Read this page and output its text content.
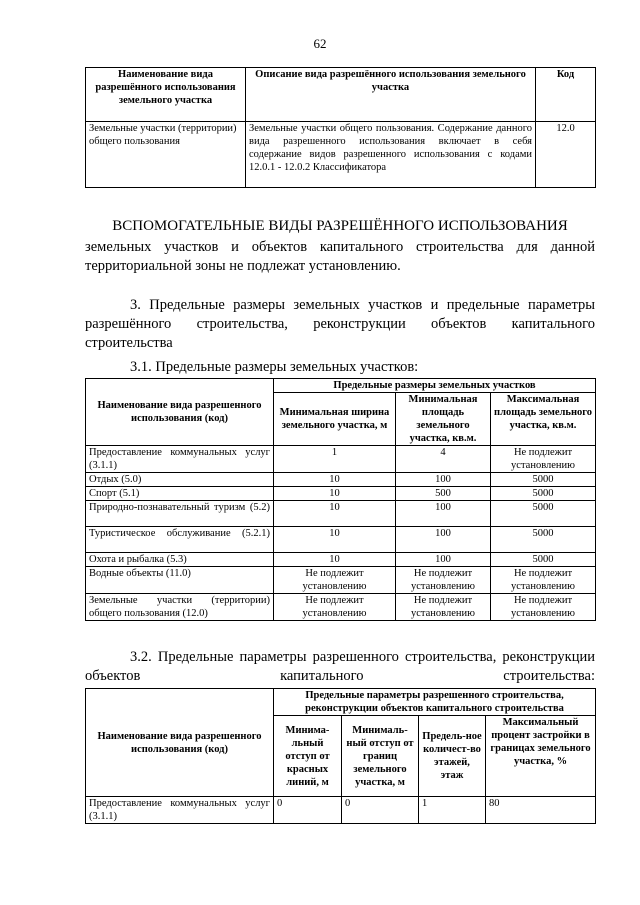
62
Наименование вида разрешённого использования земельного участка	Описание вида разрешённого использования земельного участка	Код
Земельные участки (территории) общего пользования	Земельные участки общего пользования. Содержание данного вида разрешенного использования включает в себя содержание видов разрешенного использования с кодами 12.0.1 - 12.0.2 Классификатора	12.0
ВСПОМОГАТЕЛЬНЫЕ ВИДЫ РАЗРЕШЁННОГО ИСПОЛЬЗОВАНИЯ
земельных участков и объектов капитального строительства для данной территориальной зоны не подлежат установлению.
3. Предельные размеры земельных участков и предельные параметры разрешённого строительства, реконструкции объектов капитального строительства
3.1. Предельные размеры земельных участков:
Наименование вида разрешенного использования (код)	Предельные размеры земельных участков		
	Минимальная ширина земельного участка, м	Минимальная площадь земельного участка, кв.м.	Максимальная площадь земельного участка, кв.м.
Предоставление коммунальных услуг (3.1.1)	1	4	Не подлежит установлению
Отдых (5.0)	10	100	5000
Спорт (5.1)	10	500	5000
Природно-познавательный туризм (5.2)	10	100	5000
Туристическое обслуживание (5.2.1)	10	100	5000
Охота и рыбалка (5.3)	10	100	5000
Водные объекты (11.0)	Не подлежит установлению	Не подлежит установлению	Не подлежит установлению
Земельные участки (территории) общего пользования (12.0)	Не подлежит установлению	Не подлежит установлению	Не подлежит установлению
3.2. Предельные параметры разрешенного строительства, реконструкции объектов капитального строительства:
Наименование вида разрешенного использования (код)	Предельные параметры разрешенного строительства, реконструкции объектов капитального строительства			
	Минима-льный отступ от красных линий, м	Минималь-ный отступ от границ земельного участка, м	Предель-ное количест-во этажей, этаж	Максимальный процент застройки в границах земельного участка, %
Предоставление коммунальных услуг (3.1.1)	0	0	1	80
